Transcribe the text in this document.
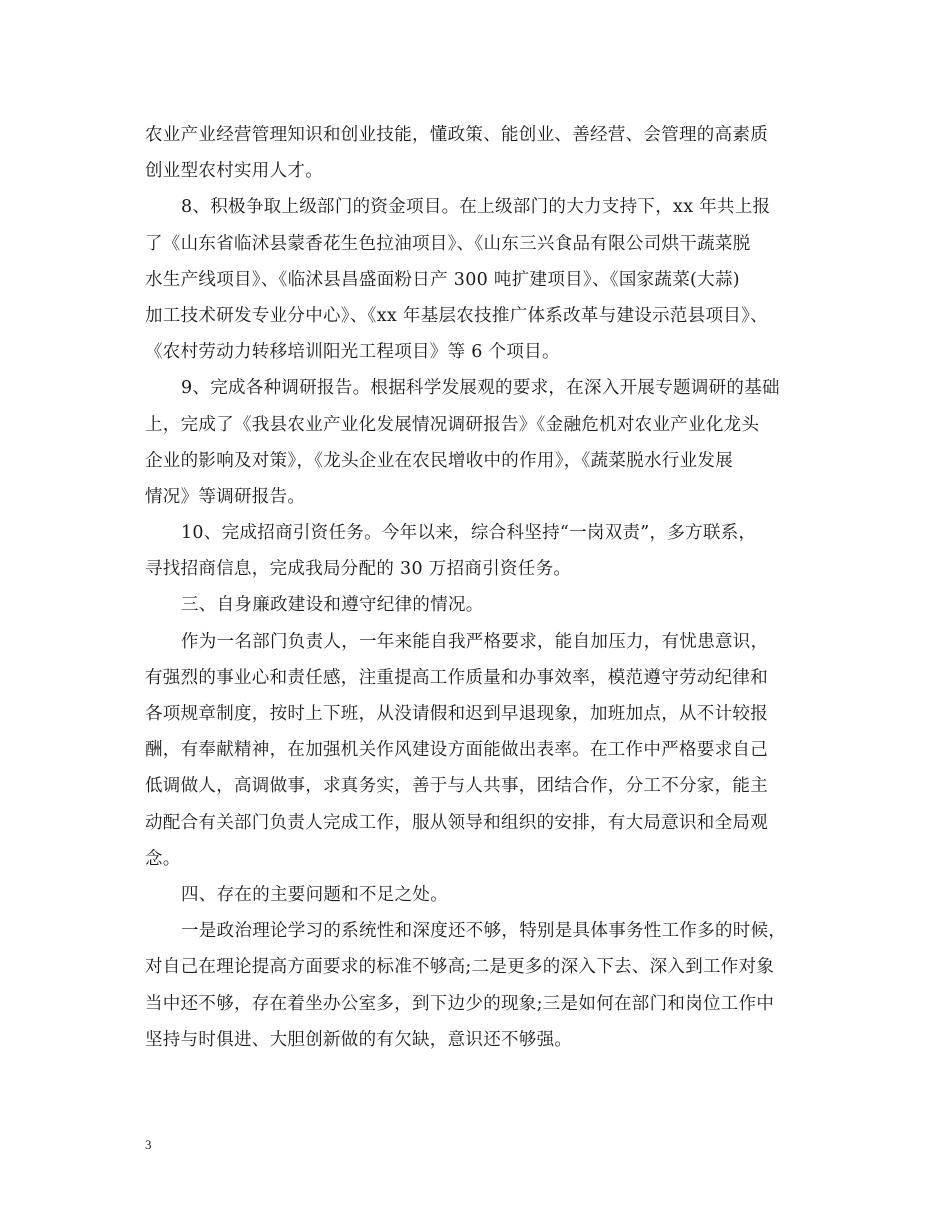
农业产业经营管理知识和创业技能，懂政策、能创业、善经营、会管理的高素质
创业型农村实用人才。
8、积极争取上级部门的资金项目。在上级部门的大力支持下，xx 年共上报
了《山东省临沭县蒙香花生色拉油项目》、《山东三兴食品有限公司烘干蔬菜脱
水生产线项目》、《临沭县昌盛面粉日产 300 吨扩建项目》、《国家蔬菜(大蒜)
加工技术研发专业分中心》、《xx 年基层农技推广体系改革与建设示范县项目》、
《农村劳动力转移培训阳光工程项目》等 6 个项目。
9、完成各种调研报告。根据科学发展观的要求，在深入开展专题调研的基础
上，完成了《我县农业产业化发展情况调研报告》《金融危机对农业产业化龙头
企业的影响及对策》，《龙头企业在农民增收中的作用》，《蔬菜脱水行业发展
情况》等调研报告。
10、完成招商引资任务。今年以来，综合科坚持“一岗双责”，多方联系，
寻找招商信息，完成我局分配的 30 万招商引资任务。
三、自身廉政建设和遵守纪律的情况。
作为一名部门负责人，一年来能自我严格要求，能自加压力，有忧患意识，
有强烈的事业心和责任感，注重提高工作质量和办事效率，模范遵守劳动纪律和
各项规章制度，按时上下班，从没请假和迟到早退现象，加班加点，从不计较报
酬，有奉献精神，在加强机关作风建设方面能做出表率。在工作中严格要求自己
低调做人，高调做事，求真务实，善于与人共事，团结合作，分工不分家，能主
动配合有关部门负责人完成工作，服从领导和组织的安排，有大局意识和全局观
念。
四、存在的主要问题和不足之处。
一是政治理论学习的系统性和深度还不够，特别是具体事务性工作多的时候，
对自己在理论提高方面要求的标准不够高;二是更多的深入下去、深入到工作对象
当中还不够，存在着坐办公室多，到下边少的现象;三是如何在部门和岗位工作中
坚持与时俱进、大胆创新做的有欠缺，意识还不够强。
3
